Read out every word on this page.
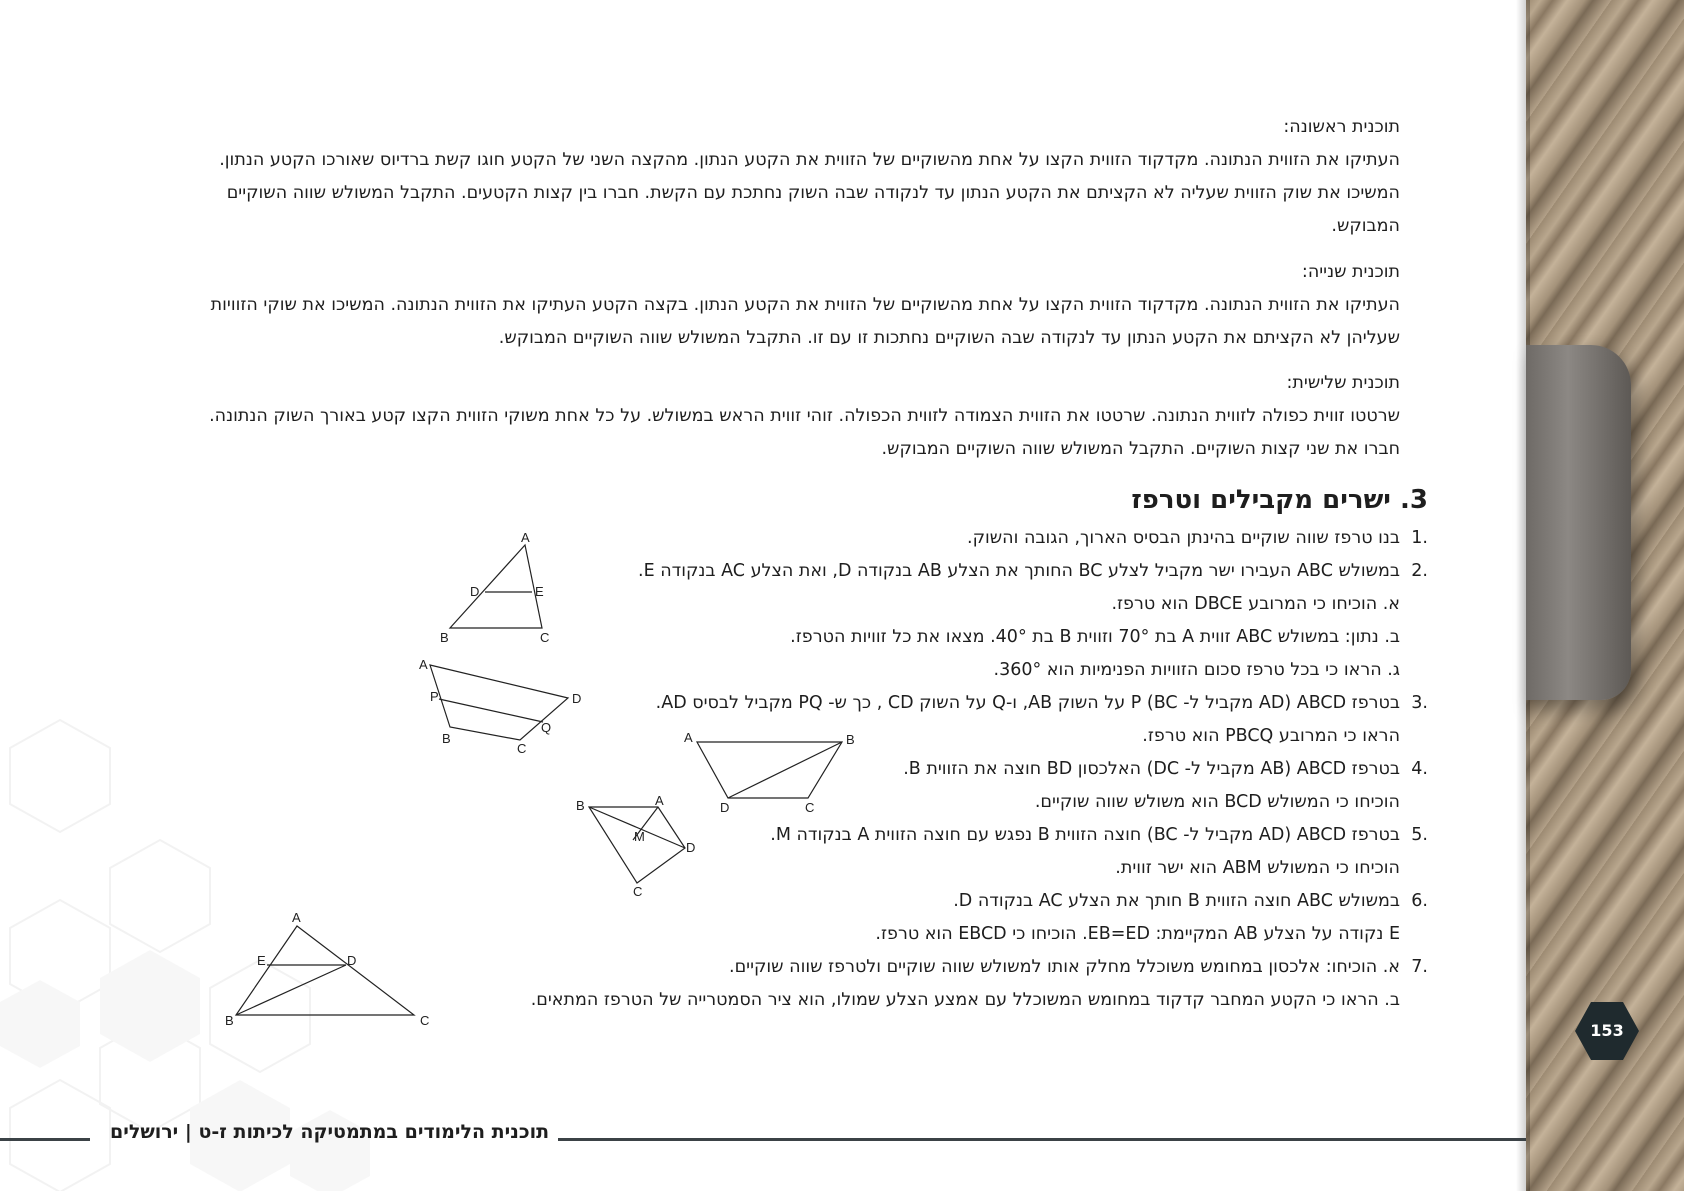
תוכנית ראשונה:

העתיקו את הזווית הנתונה. מקדקוד הזווית הקצו על אחת מהשוקיים של הזווית את הקטע הנתון. מהקצה השני של הקטע חוגו קשת ברדיוס שאורכו הקטע הנתון.

המשיכו את שוק הזווית שעליה לא הקציתם את הקטע הנתון עד לנקודה שבה השוק נחתכת עם הקשת. חברו בין קצות הקטעים. התקבל המשולש שווה השוקיים

המבוקש.

תוכנית שנייה:

העתיקו את הזווית הנתונה. מקדקוד הזווית הקצו על אחת מהשוקיים של הזווית את הקטע הנתון. בקצה הקטע העתיקו את הזווית הנתונה. המשיכו את שוקי הזוויות

שעליהן לא הקציתם את הקטע הנתון עד לנקודה שבה השוקיים נחתכות זו עם זו. התקבל המשולש שווה השוקיים המבוקש.

תוכנית שלישית:

שרטטו זווית כפולה לזווית הנתונה. שרטטו את הזווית הצמודה לזווית הכפולה. זוהי זווית הראש במשולש. על כל אחת משוקי הזווית הקצו קטע באורך השוק הנתונה.

חברו את שני קצות השוקיים. התקבל המשולש שווה השוקיים המבוקש.

3. ישרים מקבילים וטרפז
1.
בנו טרפז שווה שוקיים בהינתן הבסיס הארוך, הגובה והשוק.
2.
במשולש ABC העבירו ישר מקביל לצלע BC החותך את הצלע AB בנקודה D, ואת הצלע AC בנקודה E.
א. הוכיחו כי המרובע DBCE הוא טרפז.
ב. נתון: במשולש ABC זווית A בת 70° וזווית B בת 40°. מצאו את כל זוויות הטרפז.
ג. הראו כי בכל טרפז סכום הזוויות הפנימיות הוא 360°.
3.
בטרפז ABCD (AD מקביל ל- BC) P על השוק AB, ו-Q על השוק CD , כך ש- PQ מקביל לבסיס AD.
הראו כי המרובע PBCQ הוא טרפז.
4.
בטרפז ABCD (AB מקביל ל- DC) האלכסון BD חוצה את הזווית B.
הוכיחו כי המשולש BCD הוא משולש שווה שוקיים.
5.
בטרפז ABCD (AD מקביל ל- BC) חוצה הזווית B נפגש עם חוצה הזווית A בנקודה M.
הוכיחו כי המשולש ABM הוא ישר זווית.
6.
במשולש ABC חוצה הזווית B חותך את הצלע AC בנקודה D.
E נקודה על הצלע AB המקיימת: EB=ED. הוכיחו כי EBCD הוא טרפז.
7.
א. הוכיחו: אלכסון במחומש משוכלל מחלק אותו למשולש שווה שוקיים ולטרפז שווה שוקיים.
ב. הראו כי הקטע המחבר קדקוד במחומש המשוכלל עם אמצע הצלע שמולו, הוא ציר הסמטרייה של הטרפז המתאים.
A
D	E
B	C
A
D
P
Q
B
C
A	B
D	C
B	A
M
D
C
A
E	D
B	C
תוכנית הלימודים במתמטיקה לכיתות ז-ט | ירושלים
153
